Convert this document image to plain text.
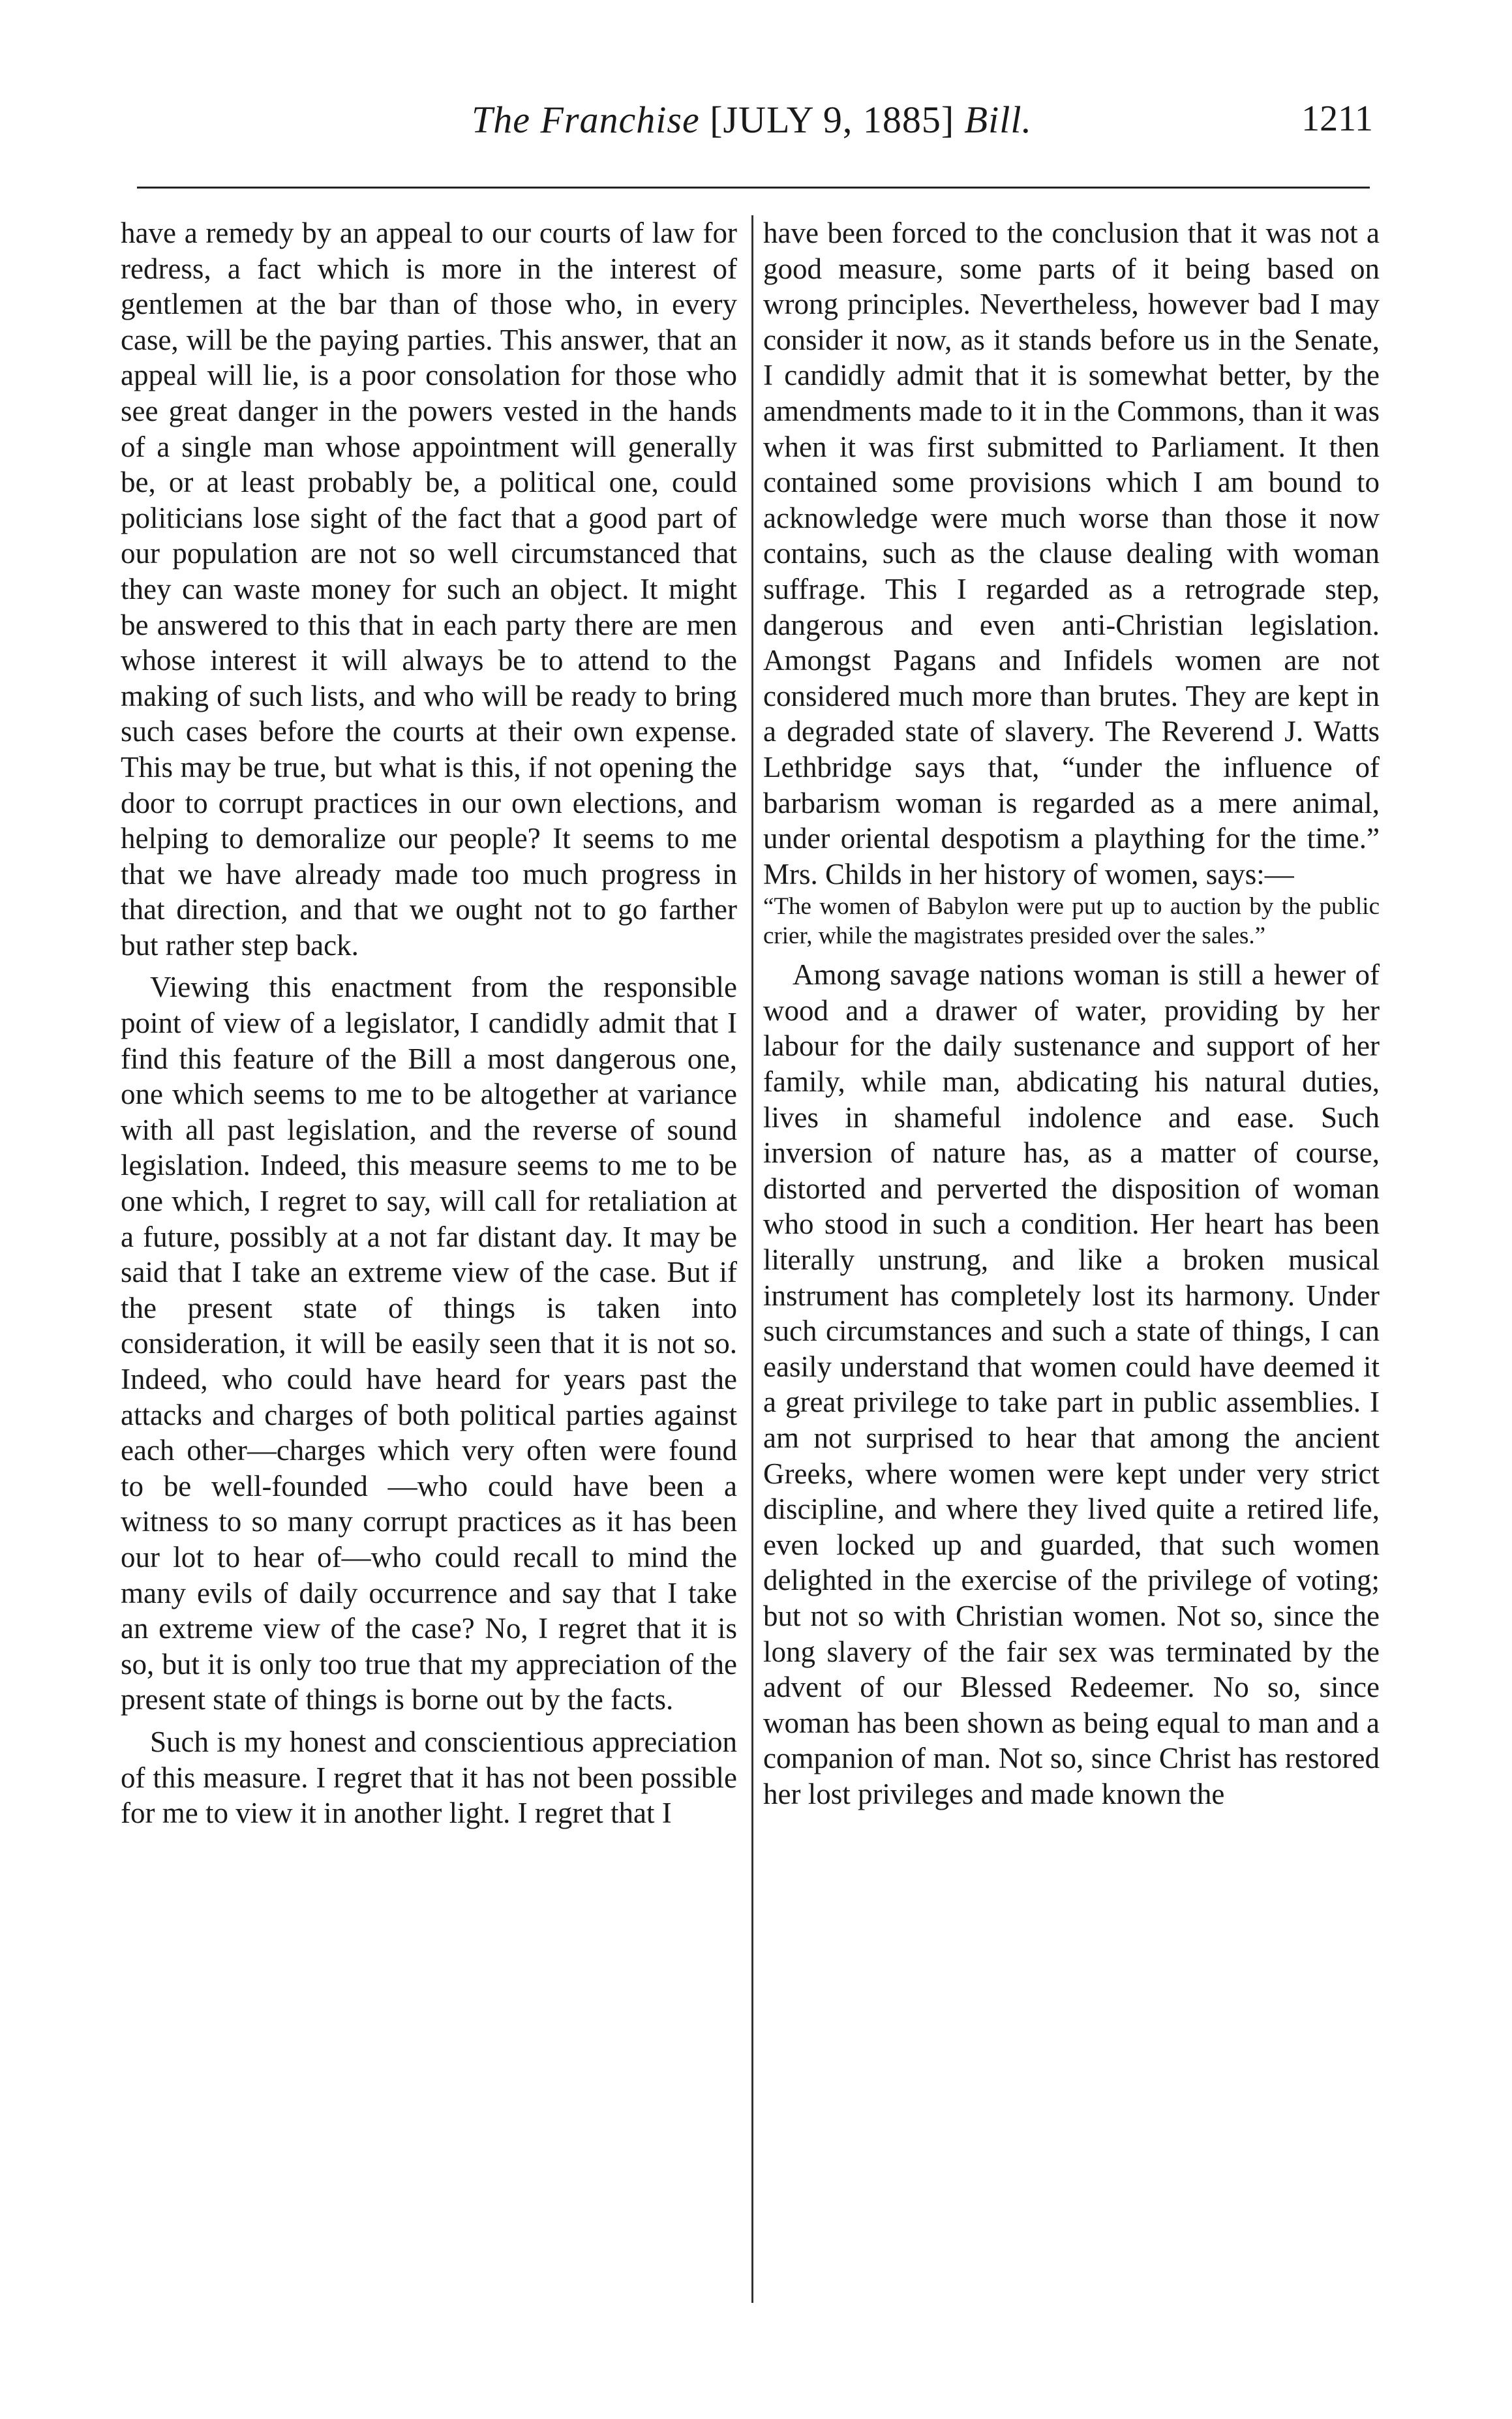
The Franchise [JULY 9, 1885] Bill.	1211

have a remedy by an appeal to our courts of law for redress, a fact which is more in the interest of gentlemen at the bar than of those who, in every case, will be the paying parties. This answer, that an appeal will lie, is a poor consolation for those who see great danger in the powers vested in the hands of a single man whose appointment will generally be, or at least probably be, a political one, could politicians lose sight of the fact that a good part of our population are not so well circumstanced that they can waste money for such an object. It might be answered to this that in each party there are men whose interest it will always be to attend to the making of such lists, and who will be ready to bring such cases before the courts at their own expense. This may be true, but what is this, if not opening the door to corrupt practices in our own elections, and helping to demoralize our people? It seems to me that we have already made too much progress in that direction, and that we ought not to go farther but rather step back.

Viewing this enactment from the responsible point of view of a legislator, I candidly admit that I find this feature of the Bill a most dangerous one, one which seems to me to be altogether at variance with all past legislation, and the reverse of sound legislation. Indeed, this measure seems to me to be one which, I regret to say, will call for retaliation at a future, possibly at a not far distant day. It may be said that I take an extreme view of the case. But if the present state of things is taken into consideration, it will be easily seen that it is not so. Indeed, who could have heard for years past the attacks and charges of both political parties against each other—charges which very often were found to be well-founded —who could have been a witness to so many corrupt practices as it has been our lot to hear of—who could recall to mind the many evils of daily occurrence and say that I take an extreme view of the case? No, I regret that it is so, but it is only too true that my appreciation of the present state of things is borne out by the facts.

Such is my honest and conscientious appreciation of this measure. I regret that it has not been possible for me to view it in another light. I regret that I

have been forced to the conclusion that it was not a good measure, some parts of it being based on wrong principles. Nevertheless, however bad I may consider it now, as it stands before us in the Senate, I candidly admit that it is somewhat better, by the amendments made to it in the Commons, than it was when it was first submitted to Parliament. It then contained some provisions which I am bound to acknowledge were much worse than those it now contains, such as the clause dealing with woman suffrage. This I regarded as a retrograde step, dangerous and even anti-Christian legislation. Amongst Pagans and Infidels women are not considered much more than brutes. They are kept in a degraded state of slavery. The Reverend J. Watts Lethbridge says that, “under the influence of barbarism woman is regarded as a mere animal, under oriental despotism a plaything for the time.” Mrs. Childs in her history of women, says:—

“The women of Babylon were put up to auction by the public crier, while the magistrates presided over the sales.”

Among savage nations woman is still a hewer of wood and a drawer of water, providing by her labour for the daily sustenance and support of her family, while man, abdicating his natural duties, lives in shameful indolence and ease. Such inversion of nature has, as a matter of course, distorted and perverted the disposition of woman who stood in such a condition. Her heart has been literally unstrung, and like a broken musical instrument has completely lost its harmony. Under such circumstances and such a state of things, I can easily understand that women could have deemed it a great privilege to take part in public assemblies. I am not surprised to hear that among the ancient Greeks, where women were kept under very strict discipline, and where they lived quite a retired life, even locked up and guarded, that such women delighted in the exercise of the privilege of voting; but not so with Christian women. Not so, since the long slavery of the fair sex was terminated by the advent of our Blessed Redeemer. No so, since woman has been shown as being equal to man and a companion of man. Not so, since Christ has restored her lost privileges and made known the
